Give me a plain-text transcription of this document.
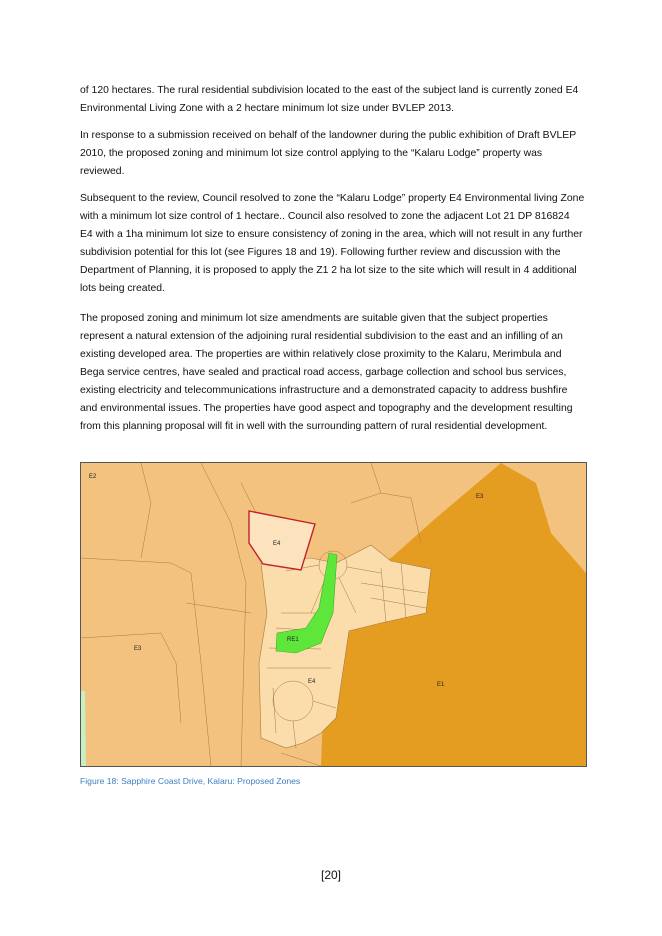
of 120 hectares. The rural residential subdivision located to the east of the subject land is currently zoned E4 Environmental Living Zone with a 2 hectare minimum lot size under BVLEP 2013.

In response to a submission received on behalf of the landowner during the public exhibition of Draft BVLEP 2010, the proposed zoning and minimum lot size control applying to the “Kalaru Lodge” property was reviewed.

Subsequent to the review, Council resolved to zone the “Kalaru Lodge” property E4 Environmental living Zone with a minimum lot size control of 1 hectare.. Council also resolved to zone the adjacent Lot 21 DP 816824 E4 with a 1ha minimum lot size to ensure consistency of zoning in the area, which will not result in any further subdivision potential for this lot (see Figures 18 and 19). Following further review and discussion with the Department of Planning, it is proposed to apply the Z1 2 ha lot size to the site which will result in 4 additional lots being created.

The proposed zoning and minimum lot size amendments are suitable given that the subject properties represent a natural extension of the adjoining rural residential subdivision to the east and an infilling of an existing developed area. The properties are within relatively close proximity to the Kalaru, Merimbula and Bega service centres, have sealed and practical road access, garbage collection and school bus services, existing electricity and telecommunications infrastructure and a demonstrated capacity to address bushfire and environmental issues. The properties have good aspect and topography and the development resulting from this planning proposal will fit in well with the surrounding pattern of rural residential development.

E2
E3
E4
RE1
E3
E4	E1

Figure 18: Sapphire Coast Drive, Kalaru: Proposed Zones

[20]
